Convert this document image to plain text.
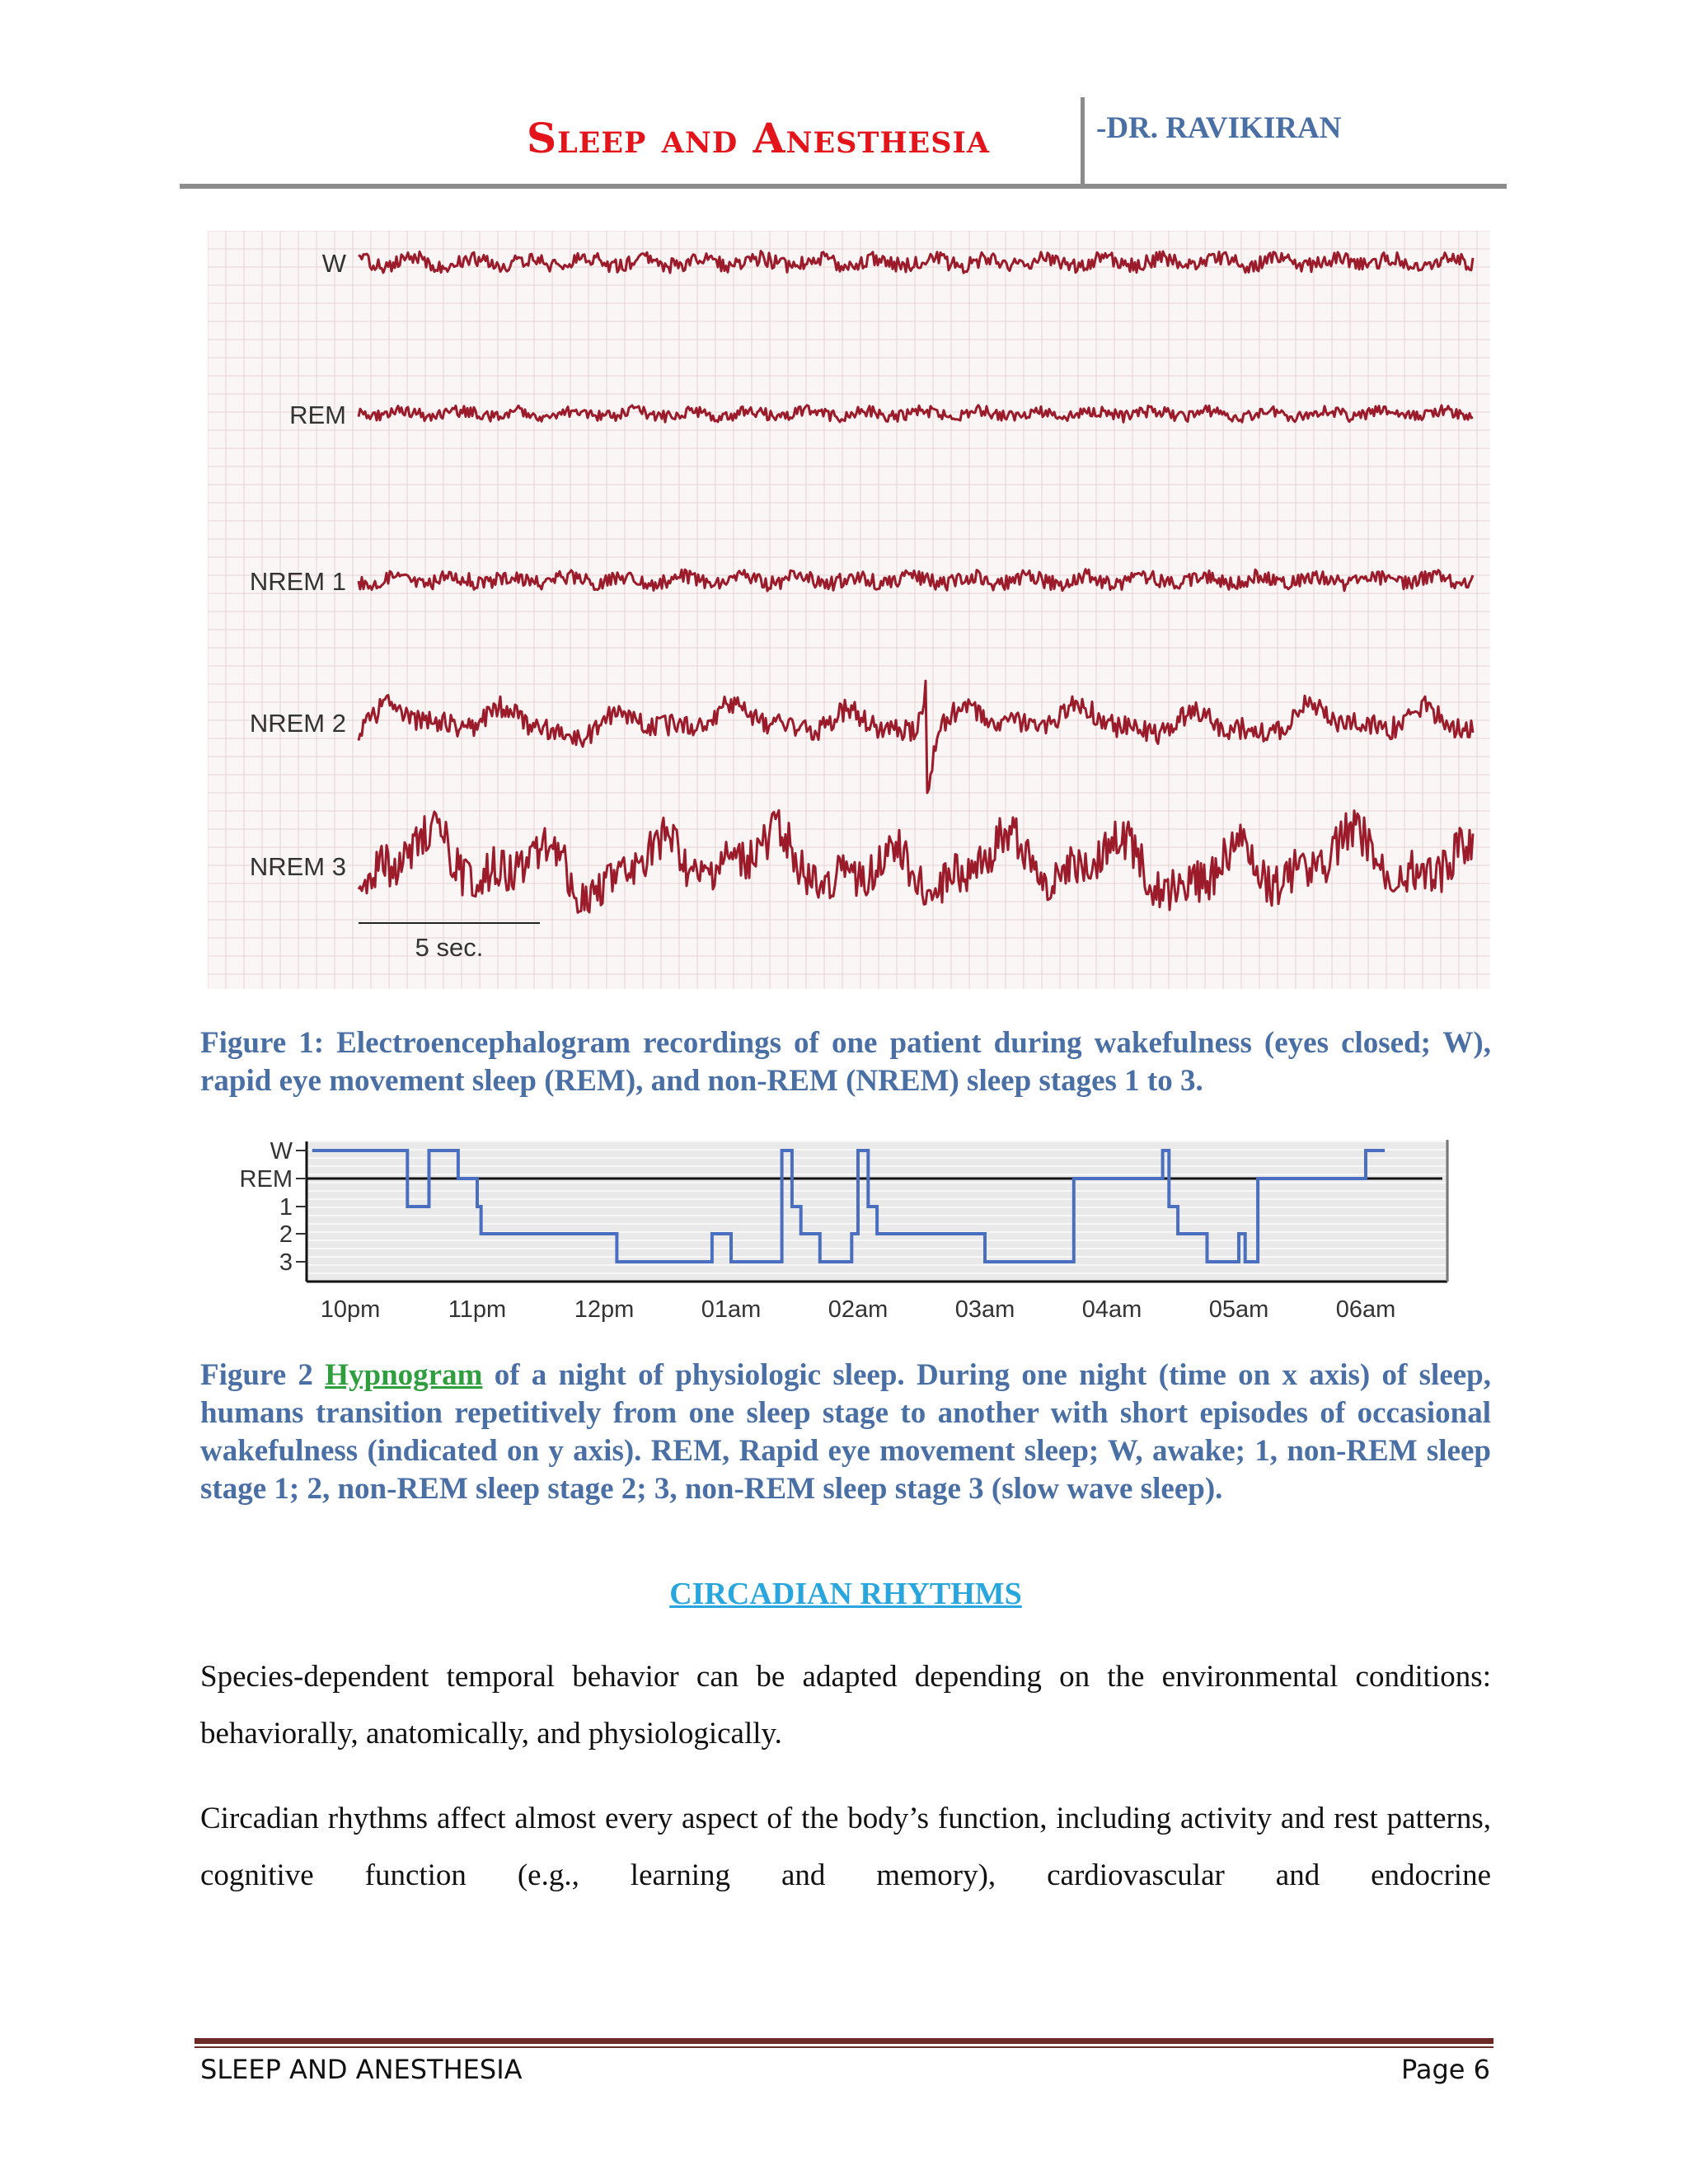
Sleep and Anesthesia	-DR. RAVIKIRAN
W
REM
NREM 1
NREM 2
NREM 3
5 sec.
Figure 1: Electroencephalogram recordings of one patient during wakefulness (eyes closed; W), rapid eye movement sleep (REM), and non-REM (NREM) sleep stages 1 to 3.
W
REM
1
2
3
10pm	11pm	12pm	01am	02am	03am	04am	05am	06am
Figure 2 Hypnogram of a night of physiologic sleep. During one night (time on x axis) of sleep, humans transition repetitively from one sleep stage to another with short episodes of occasional wakefulness (indicated on y axis). REM, Rapid eye movement sleep; W, awake; 1, non-REM sleep stage 1; 2, non-REM sleep stage 2; 3, non-REM sleep stage 3 (slow wave sleep).
CIRCADIAN RHYTHMS
Species-dependent temporal behavior can be adapted depending on the environmental conditions: behaviorally, anatomically, and physiologically.
Circadian rhythms affect almost every aspect of the body’s function, including activity and rest patterns, cognitive function (e.g., learning and memory), cardiovascular and endocrine
SLEEP AND ANESTHESIA	Page 6
